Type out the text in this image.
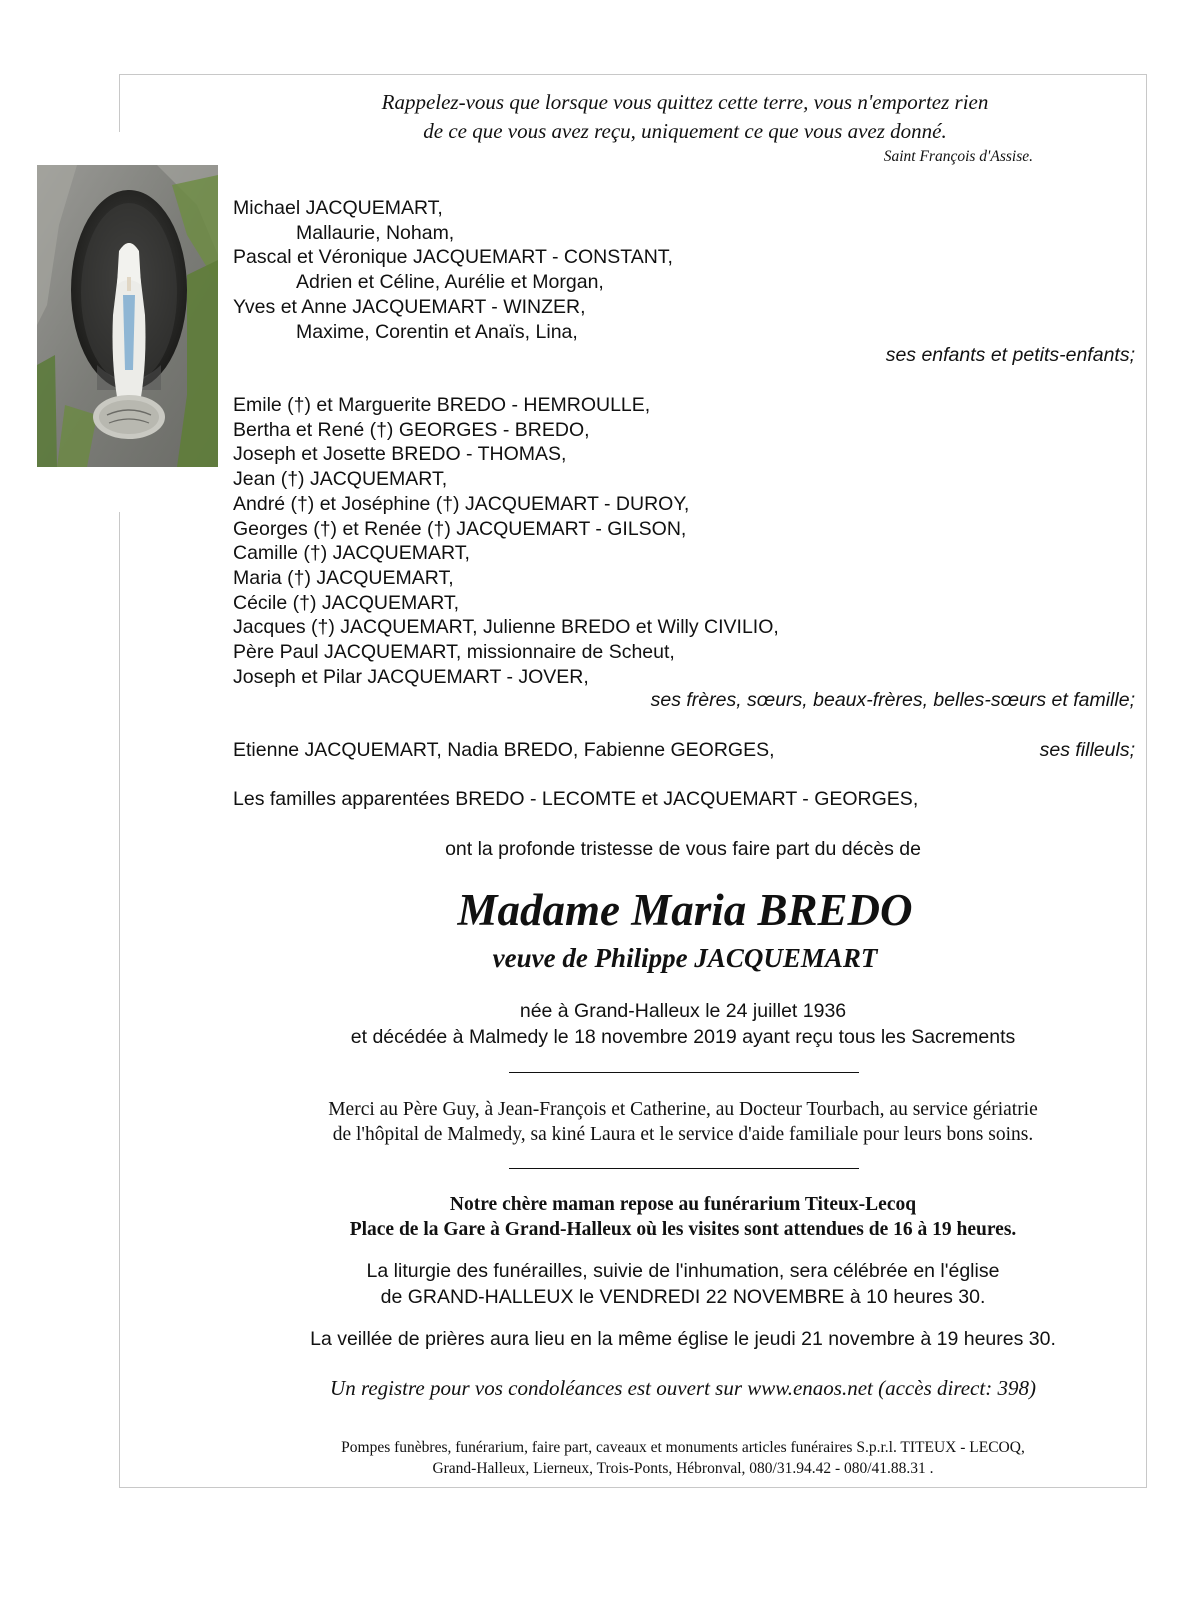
Rappelez-vous que lorsque vous quittez cette terre, vous n'emportez rien
de ce que vous avez reçu, uniquement ce que vous avez donné.
Saint François d'Assise.
Michael JACQUEMART,
Mallaurie, Noham,
Pascal et Véronique JACQUEMART - CONSTANT,
Adrien et Céline, Aurélie et Morgan,
Yves et Anne JACQUEMART - WINZER,
Maxime, Corentin et Anaïs, Lina,
ses enfants et petits-enfants;
Emile (†) et Marguerite BREDO - HEMROULLE,
Bertha et René (†) GEORGES - BREDO,
Joseph et Josette BREDO - THOMAS,
Jean (†) JACQUEMART,
André (†) et Joséphine (†) JACQUEMART - DUROY,
Georges (†) et Renée (†) JACQUEMART - GILSON,
Camille (†) JACQUEMART,
Maria (†) JACQUEMART,
Cécile (†) JACQUEMART,
Jacques (†) JACQUEMART, Julienne BREDO et Willy CIVILIO,
Père Paul JACQUEMART, missionnaire de Scheut,
Joseph et Pilar JACQUEMART - JOVER,
ses frères, sœurs, beaux-frères, belles-sœurs et famille;
Etienne JACQUEMART, Nadia BREDO, Fabienne GEORGES,	ses filleuls;
Les familles apparentées BREDO - LECOMTE et JACQUEMART - GEORGES,
ont la profonde tristesse de vous faire part du décès de
Madame Maria BREDO
veuve de Philippe JACQUEMART
née à Grand-Halleux le 24 juillet 1936
et décédée à Malmedy le 18 novembre 2019 ayant reçu tous les Sacrements
Merci au Père Guy, à Jean-François et Catherine, au Docteur Tourbach, au service gériatrie
de l'hôpital de Malmedy, sa kiné Laura et le service d'aide familiale pour leurs bons soins.
Notre chère maman repose au funérarium Titeux-Lecoq
Place de la Gare à Grand-Halleux où les visites sont attendues de 16 à 19 heures.
La liturgie des funérailles, suivie de l'inhumation, sera célébrée en l'église
de GRAND-HALLEUX le VENDREDI 22 NOVEMBRE à 10 heures 30.
La veillée de prières aura lieu en la même église le jeudi 21 novembre à 19 heures 30.
Un registre pour vos condoléances est ouvert sur www.enaos.net (accès direct: 398)
Pompes funèbres, funérarium, faire part, caveaux et monuments articles funéraires S.p.r.l. TITEUX - LECOQ,
Grand-Halleux, Lierneux, Trois-Ponts, Hébronval, 080/31.94.42 - 080/41.88.31 .
